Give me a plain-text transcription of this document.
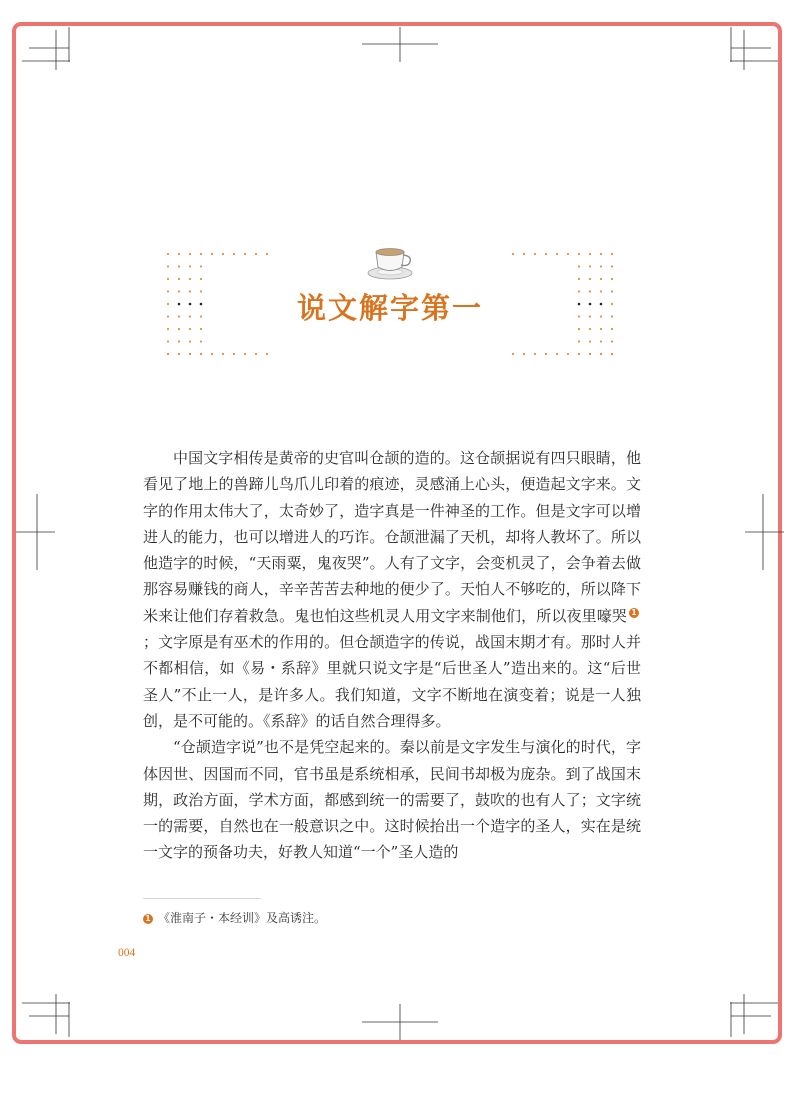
说文解字第一

中国文字相传是黄帝的史官叫仓颉的造的。这仓颉据说有四只眼睛，他看见了地上的兽蹄儿鸟爪儿印着的痕迹，灵感涌上心头，便造起文字来。文字的作用太伟大了，太奇妙了，造字真是一件神圣的工作。但是文字可以增进人的能力，也可以增进人的巧诈。仓颉泄漏了天机，却将人教坏了。所以他造字的时候，“天雨粟，鬼夜哭”。人有了文字，会变机灵了，会争着去做那容易赚钱的商人，辛辛苦苦去种地的便少了。天怕人不够吃的，所以降下米来让他们存着救急。鬼也怕这些机灵人用文字来制他们，所以夜里嚎哭 1；文字原是有巫术的作用的。但仓颉造字的传说，战国末期才有。那时人并不都相信，如《易・系辞》里就只说文字是“后世圣人”造出来的。这“后世圣人”不止一人，是许多人。我们知道，文字不断地在演变着；说是一人独创，是不可能的。《系辞》的话自然合理得多。

“仓颉造字说”也不是凭空起来的。秦以前是文字发生与演化的时代，字体因世、因国而不同，官书虽是系统相承，民间书却极为庞杂。到了战国末期，政治方面，学术方面，都感到统一的需要了，鼓吹的也有人了；文字统一的需要，自然也在一般意识之中。这时候抬出一个造字的圣人，实在是统一文字的预备功夫，好教人知道“一个”圣人造的

1 《淮南子・本经训》及高诱注。
004
